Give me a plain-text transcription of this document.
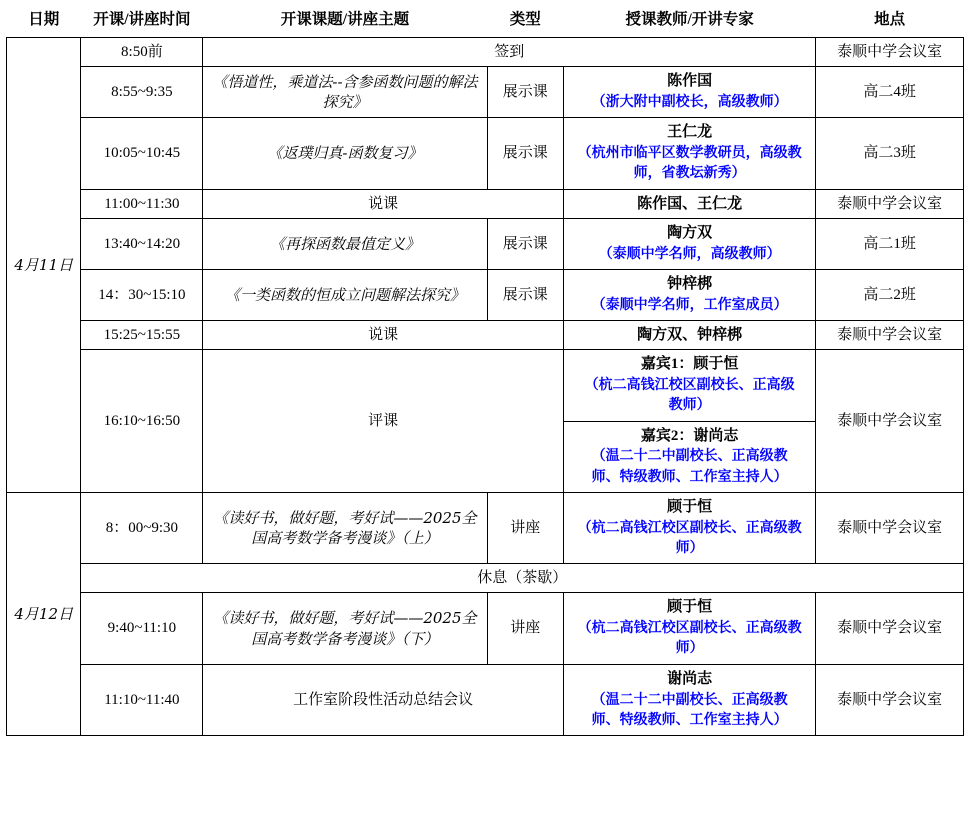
日期	开课/讲座时间	开课课题/讲座主题	类型	授课教师/开讲专家	地点
4月11日	8:50前	签到			泰顺中学会议室
	8:55~9:35	《悟道性，乘道法--含参函数问题的解法探究》	展示课	陈作国
（浙大附中副校长，高级教师）	高二4班
	10:05~10:45	《返璞归真-函数复习》	展示课	王仁龙
（杭州市临平区数学教研员，高级教师，省教坛新秀）	高二3班
	11:00~11:30	说课		陈作国、王仁龙	泰顺中学会议室
	13:40~14:20	《再探函数最值定义》	展示课	陶方双
（泰顺中学名师，高级教师）	高二1班
	14：30~15:10	《一类函数的恒成立问题解法探究》	展示课	钟梓梆
（泰顺中学名师，工作室成员）	高二2班
	15:25~15:55	说课		陶方双、钟梓梆	泰顺中学会议室
	16:10~16:50	评课		嘉宾1：顾于恒
（杭二高钱江校区副校长、正高级教师）	泰顺中学会议室

				嘉宾2：谢尚志
（温二十二中副校长、正高级教师、特级教师、工作室主持人）	

4月12日	8：00~9:30	《读好书，做好题，考好试——2025全国高考数学备考漫谈》（上）	讲座	顾于恒
（杭二高钱江校区副校长、正高级教师）	泰顺中学会议室
	休息（茶歇）				
	9:40~11:10	《读好书，做好题，考好试——2025全国高考数学备考漫谈》（下）	讲座	顾于恒
（杭二高钱江校区副校长、正高级教师）	泰顺中学会议室
	11:10~11:40	工作室阶段性活动总结会议		谢尚志
（温二十二中副校长、正高级教师、特级教师、工作室主持人）	泰顺中学会议室
